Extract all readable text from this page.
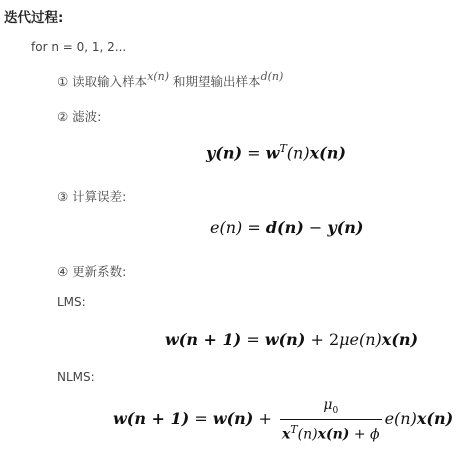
迭代过程:
for n = 0, 1, 2...
① 读取输入样本x(n) 和期望输出样本d(n)
② 滤波:
$y(n) = w^T(n)x(n)$
③ 计算误差:
e(n) = d(n) − y(n)
④ 更新系数:
LMS:
w(n + 1) = w(n) + 2μe(n)x(n)
NLMS:
$w(n + 1) = w(n) + \frac{\mu_0}{x^T(n)x(n) + \phi} e(n)x(n)$
